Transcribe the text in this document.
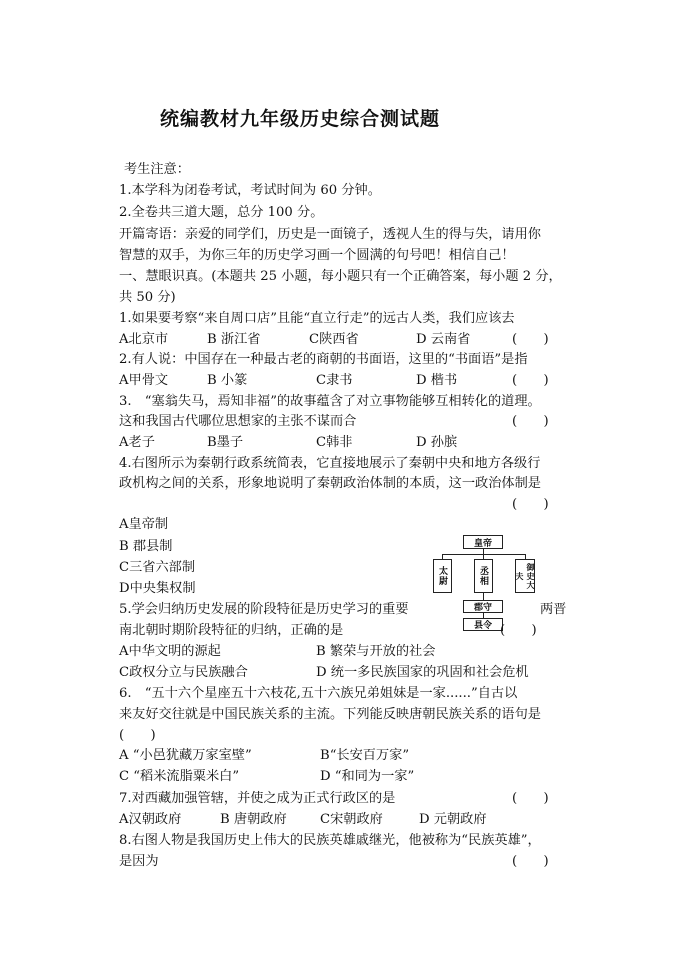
统编教材九年级历史综合测试题
考生注意：
1.本学科为闭卷考试，考试时间为 60 分钟。
2.全卷共三道大题，总分 100 分。
开篇寄语：亲爱的同学们，历史是一面镜子，透视人生的得与失，请用你
智慧的双手，为你三年的历史学习画一个圆满的句号吧！相信自己！
一、慧眼识真。(本题共 25 小题，每小题只有一个正确答案，每小题 2 分，
共 50 分)
1.如果要考察“来自周口店”且能“直立行走”的远古人类，我们应该去
A北京市	B 浙江省	C陕西省	D 云南省	(　　)
2.有人说：中国存在一种最古老的商朝的书面语，这里的“书面语”是指
A甲骨文	B 小篆	C隶书	D 楷书	(　　)
3.　“塞翁失马，焉知非福”的故事蕴含了对立事物能够互相转化的道理。
这和我国古代哪位思想家的主张不谋而合	(　　)
A老子	B墨子	C韩非	D 孙膑
4.右图所示为秦朝行政系统简表，它直接地展示了秦朝中央和地方各级行
政机构之间的关系，形象地说明了秦朝政治体制的本质，这一政治体制是
(　　)
A皇帝制
B 郡县制
C三省六部制
D中央集权制
皇帝
太尉	丞相	御史大夫
郡守
县令
5.学会归纳历史发展的阶段特征是历史学习的重要	两晋
南北朝时期阶段特征的归纳，正确的是	(　　)
A中华文明的源起	B 繁荣与开放的社会
C政权分立与民族融合	D 统一多民族国家的巩固和社会危机
6.　“五十六个星座五十六枝花,五十六族兄弟姐妹是一家......”自古以
来友好交往就是中国民族关系的主流。下列能反映唐朝民族关系的语句是
(　　)
A “小邑犹藏万家室壁”	B“长安百万家”
C “稻米流脂粟米白”	D “和同为一家”
7.对西藏加强管辖，并使之成为正式行政区的是	(　　)
A汉朝政府	B 唐朝政府	C宋朝政府	D 元朝政府
8.右图人物是我国历史上伟大的民族英雄戚继光，他被称为“民族英雄”，
是因为	(　　)
